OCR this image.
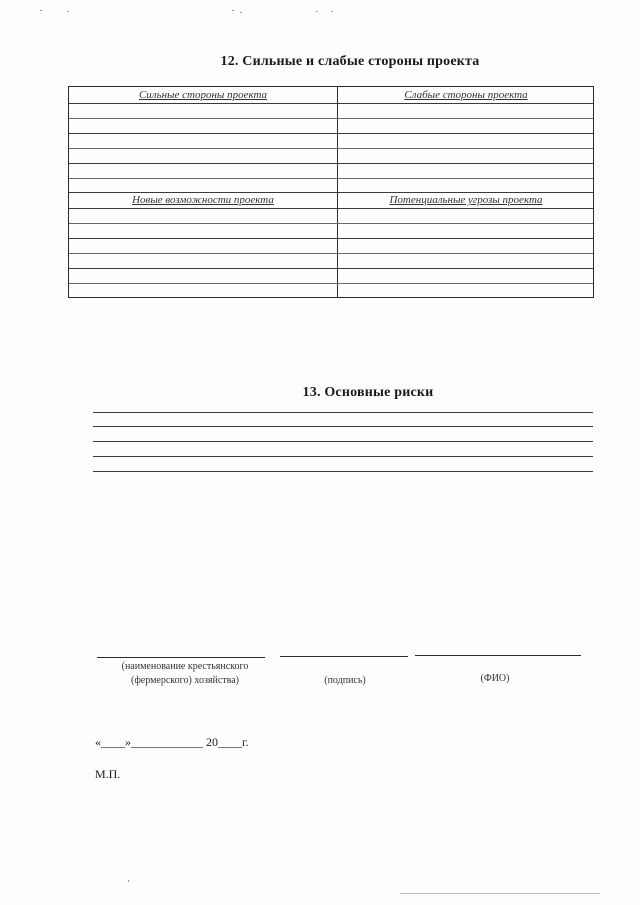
12. Сильные и слабые стороны проекта
Сильные стороны проекта	Слабые стороны проекта
Новые возможности проекта	Потенциальные угрозы проекта
13. Основные риски
(наименование крестьянского
(фермерского) хозяйства)	(подпись)	(ФИО)
«____»____________ 20____г.
М.П.
